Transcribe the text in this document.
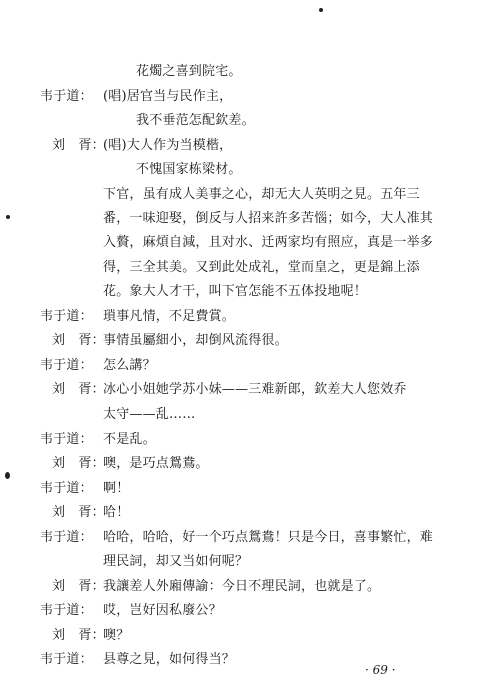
花燭之喜到院宅。
韦于道： (唱)居官当与民作主，
我不垂范怎配欽差。
刘　胥：
(唱)大人作为当模楷，
不愧国家栋梁材。
下官，虽有成人美事之心，却无大人英明之見。五年三
番，一味迎娶，倒反与人招来許多苦惱；如今，大人准其
入贅，麻煩自減，且对水、迁两家均有照应，真是一举多
得，三全其美。又到此处成礼，堂而皇之，更是錦上添
花。象大人才干，叫下官怎能不五体投地呢！
韦于道： 瑣事凡情，不足費賞。
刘　胥：
事情虽屬細小，却倒风流得很。
韦于道： 怎么講？
刘　胥：
冰心小姐她学苏小妹——三难新郎，欽差大人您效乔
太守——乱……
韦于道： 不是乱。
刘　胥：
噢，是巧点鴛鴦。
韦于道： 啊！
刘　胥：
哈！
韦于道： 哈哈，哈哈，好一个巧点鴛鴦！只是今日，喜事繁忙，难
理民詞，却又当如何呢？
刘　胥：
我讓差人外廂傳諭：今日不理民詞，也就是了。
韦于道： 哎，岂好因私廢公？
刘　胥：
噢？
韦于道： 县尊之見，如何得当？
· 69 ·
